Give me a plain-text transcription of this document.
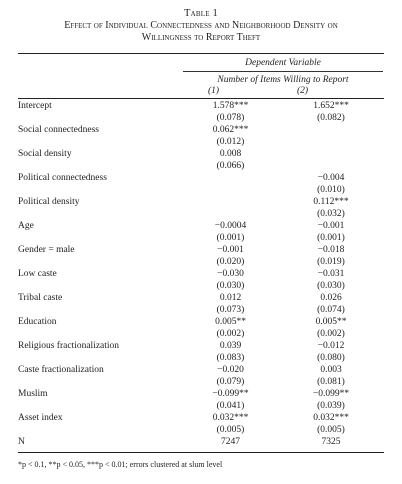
Table 1
Effect of Individual Connectedness and Neighborhood Density on
Willingness to Report Theft
Dependent Variable
Number of Items Willing to Report
(1)	(2)
Intercept	1.578***	1.652***
	(0.078)	(0.082)
Social connectedness	0.062***	
	(0.012)	
Social density	0.008	
	(0.066)	
Political connectedness		−0.004
		(0.010)
Political density		0.112***
		(0.032)
Age	−0.0004	−0.001
	(0.001)	(0.001)
Gender = male	−0.001	−0.018
	(0.020)	(0.019)
Low caste	−0.030	−0.031
	(0.030)	(0.030)
Tribal caste	0.012	0.026
	(0.073)	(0.074)
Education	0.005**	0.005**
	(0.002)	(0.002)
Religious fractionalization	0.039	−0.012
	(0.083)	(0.080)
Caste fractionalization	−0.020	0.003
	(0.079)	(0.081)
Muslim	−0.099**	−0.099**
	(0.041)	(0.039)
Asset index	0.032***	0.032***
	(0.005)	(0.005)
N	7247	7325
*p < 0.1, **p < 0.05, ***p < 0.01; errors clustered at slum level
